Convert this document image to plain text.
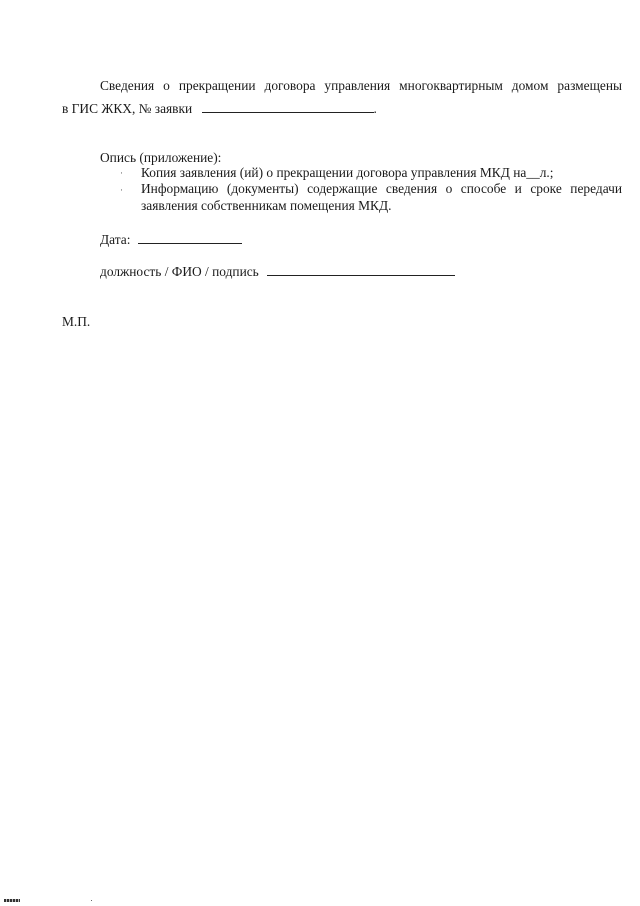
Сведения о прекращении договора управления многоквартирным домом размещены
в ГИС ЖКХ, № заявки	.
Опись (приложение):
· Копия заявления (ий) о прекращении договора управления МКД на__л.;
· Информацию (документы) содержащие сведения о способе и сроке передачи
заявления собственникам помещения МКД.
Дата:
должность / ФИО / подпись
М.П.
